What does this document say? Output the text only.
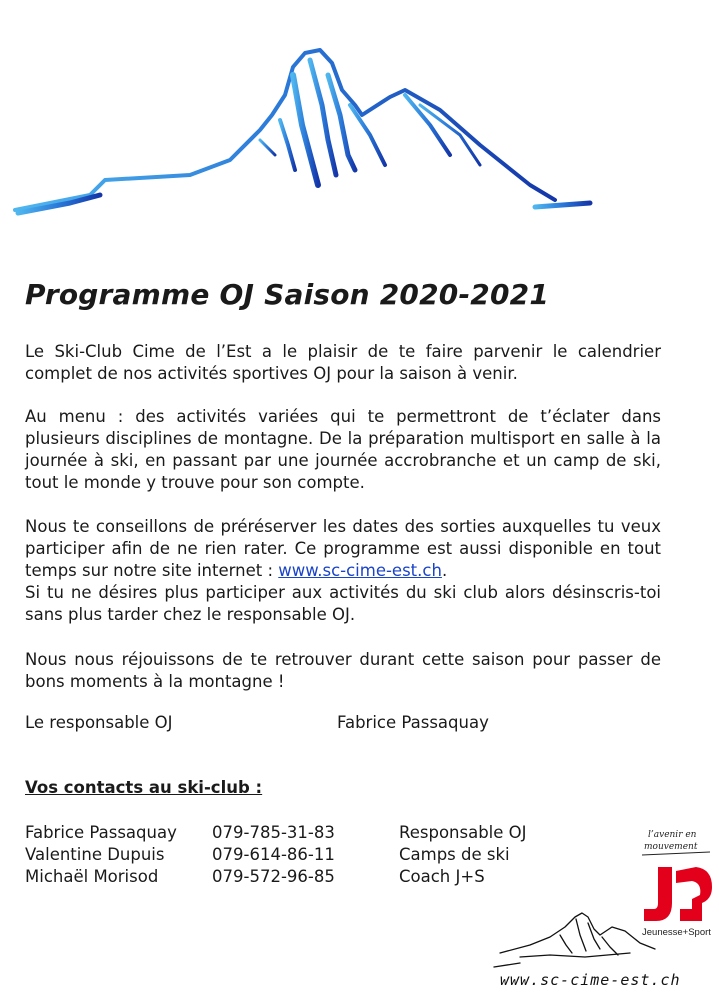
Programme OJ Saison 2020-2021

Le Ski-Club Cime de l’Est a le plaisir de te faire parvenir le calendrier complet de nos activités sportives OJ pour la saison à venir.

Au menu : des activités variées qui te permettront de t’éclater dans plusieurs disciplines de montagne. De la préparation multisport en salle à la journée à ski, en passant par une journée accrobranche et un camp de ski, tout le monde y trouve pour son compte.

Nous te conseillons de préréserver les dates des sorties auxquelles tu veux participer afin de ne rien rater. Ce programme est aussi disponible en tout temps sur notre site internet : www.sc-cime-est.ch.

Si tu ne désires plus participer aux activités du ski club alors désinscris-toi sans plus tarder chez le responsable OJ.

Nous nous réjouissons de te retrouver durant cette saison pour passer de bons moments à la montagne !

Le responsable OJ	Fabrice Passaquay
Vos contacts au ski-club :
Fabrice Passaquay 079-785-31-83	Responsable OJ
Valentine Dupuis	079-614-86-11	Camps de ski
Michaël Morisod	079-572-96-85	Coach J+S
l’avenir en
mouvement
Jeunesse+Sport
www.sc-cime-est.ch
